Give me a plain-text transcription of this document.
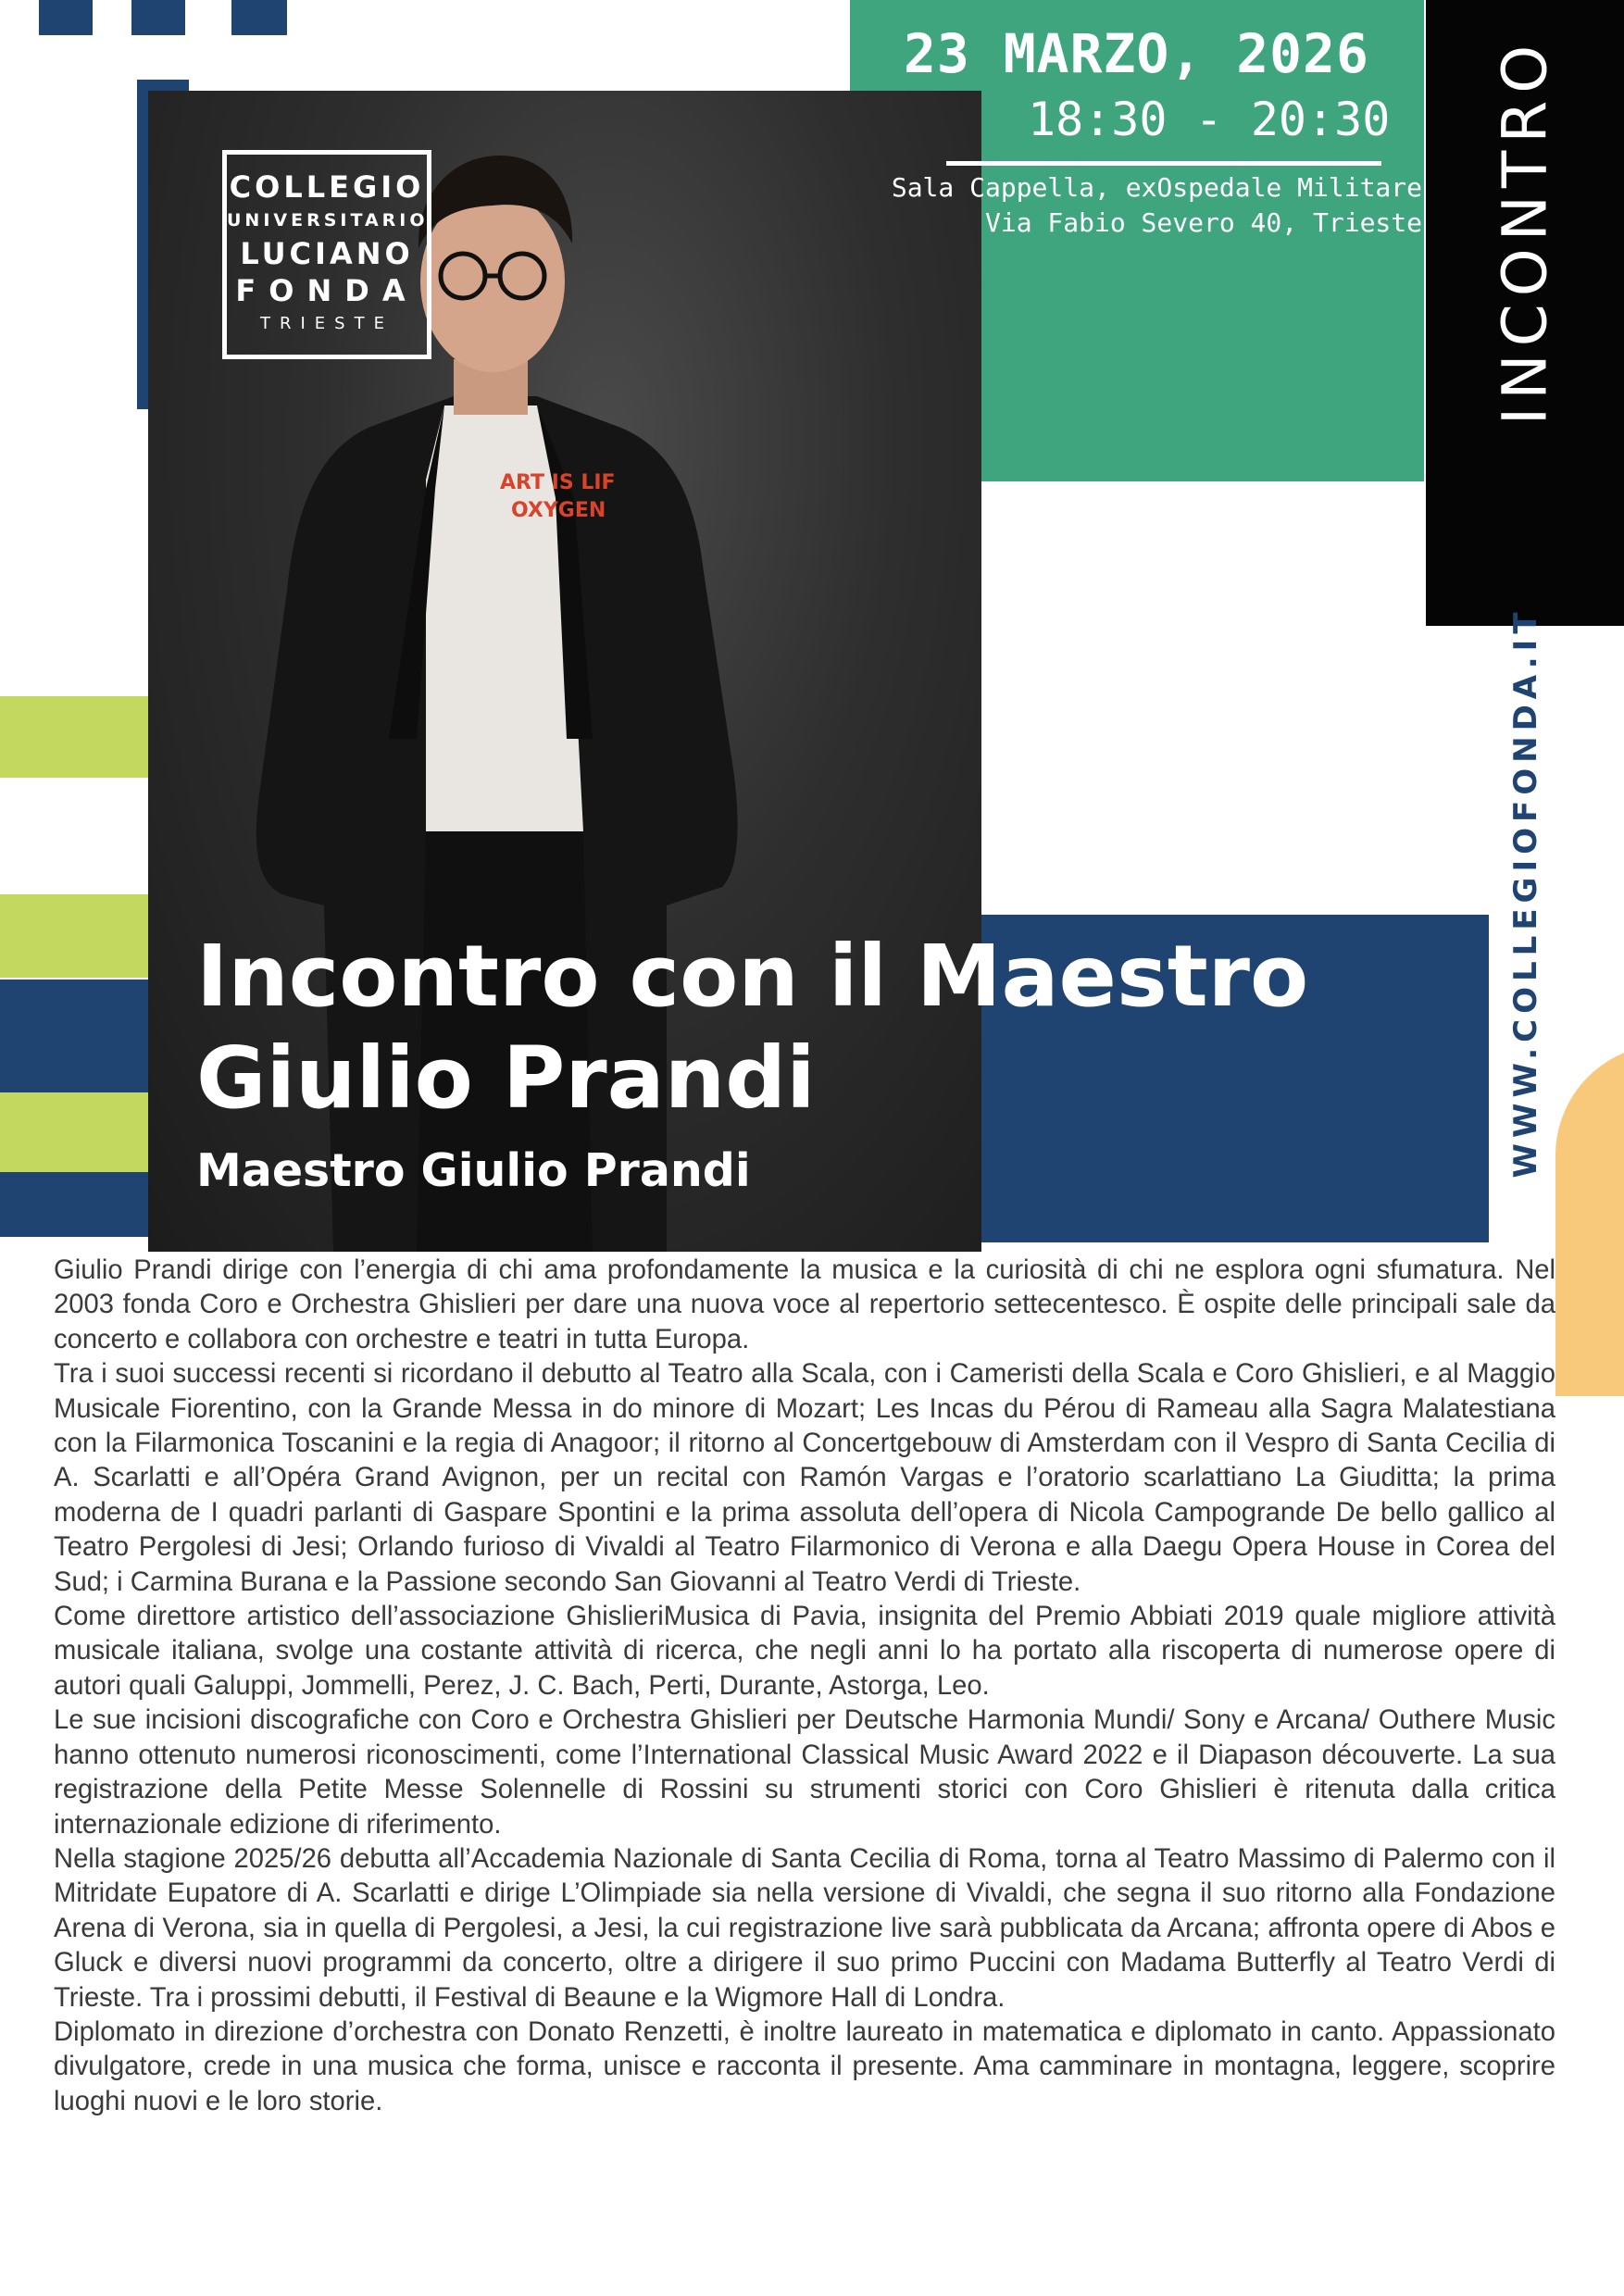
ART IS LIF
OXYGEN
COLLEGIO
UNIVERSITARIO
LUCIANO
FONDA
TRIESTE
23 MARZO, 2026
18:30 - 20:30
Sala Cappella, exOspedale Militare
Via Fabio Severo 40, Trieste INCONTRO
WWW.COLLEGIOFONDA.IT
Incontro con il Maestro
Giulio Prandi
Maestro Giulio Prandi

Giulio Prandi dirige con l’energia di chi ama profondamente la musica e la curiosità di chi ne esplora ogni sfumatura. Nel 2003 fonda Coro e Orchestra Ghislieri per dare una nuova voce al repertorio settecentesco. È ospite delle principali sale da concerto e collabora con orchestre e teatri in tutta Europa.

Tra i suoi successi recenti si ricordano il debutto al Teatro alla Scala, con i Cameristi della Scala e Coro Ghislieri, e al Maggio Musicale Fiorentino, con la Grande Messa in do minore di Mozart; Les Incas du Pérou di Rameau alla Sagra Malatestiana con la Filarmonica Toscanini e la regia di Anagoor; il ritorno al Concertgebouw di Amsterdam con il Vespro di Santa Cecilia di A. Scarlatti e all’Opéra Grand Avignon, per un recital con Ramón Vargas e l’oratorio scarlattiano La Giuditta; la prima moderna de I quadri parlanti di Gaspare Spontini e la prima assoluta dell’opera di Nicola Campogrande De bello gallico al Teatro Pergolesi di Jesi; Orlando furioso di Vivaldi al Teatro Filarmonico di Verona e alla Daegu Opera House in Corea del Sud; i Carmina Burana e la Passione secondo San Giovanni al Teatro Verdi di Trieste.

Come direttore artistico dell’associazione GhislieriMusica di Pavia, insignita del Premio Abbiati 2019 quale migliore attività musicale italiana, svolge una costante attività di ricerca, che negli anni lo ha portato alla riscoperta di numerose opere di autori quali Galuppi, Jommelli, Perez, J. C. Bach, Perti, Durante, Astorga, Leo.

Le sue incisioni discografiche con Coro e Orchestra Ghislieri per Deutsche Harmonia Mundi/ Sony e Arcana/ Outhere Music hanno ottenuto numerosi riconoscimenti, come l’International Classical Music Award 2022 e il Diapason découverte. La sua registrazione della Petite Messe Solennelle di Rossini su strumenti storici con Coro Ghislieri è ritenuta dalla critica internazionale edizione di riferimento.

Nella stagione 2025/26 debutta all’Accademia Nazionale di Santa Cecilia di Roma, torna al Teatro Massimo di Palermo con il Mitridate Eupatore di A. Scarlatti e dirige L’Olimpiade sia nella versione di Vivaldi, che segna il suo ritorno alla Fondazione Arena di Verona, sia in quella di Pergolesi, a Jesi, la cui registrazione live sarà pubblicata da Arcana; affronta opere di Abos e Gluck e diversi nuovi programmi da concerto, oltre a dirigere il suo primo Puccini con Madama Butterfly al Teatro Verdi di Trieste. Tra i prossimi debutti, il Festival di Beaune e la Wigmore Hall di Londra.

Diplomato in direzione d’orchestra con Donato Renzetti, è inoltre laureato in matematica e diplomato in canto. Appassionato divulgatore, crede in una musica che forma, unisce e racconta il presente. Ama camminare in montagna, leggere, scoprire luoghi nuovi e le loro storie.
